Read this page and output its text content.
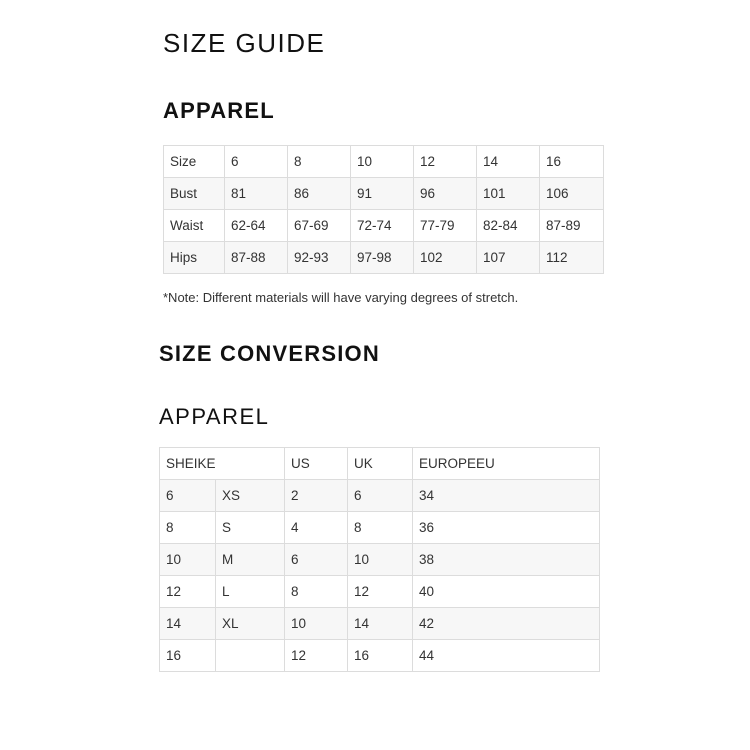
SIZE GUIDE
APPAREL
Size	6	8	10	12	14	16
Bust	81	86	91	96	101	106
Waist	62-64	67-69	72-74	77-79	82-84	87-89
Hips	87-88	92-93	97-98	102	107	112
*Note: Different materials will have varying degrees of stretch.
SIZE CONVERSION
APPAREL
SHEIKE		US	UK	EUROPEEU
6	XS	2	6	34
8	S	4	8	36
10	M	6	10	38
12	L	8	12	40
14	XL	10	14	42
16		12	16	44
